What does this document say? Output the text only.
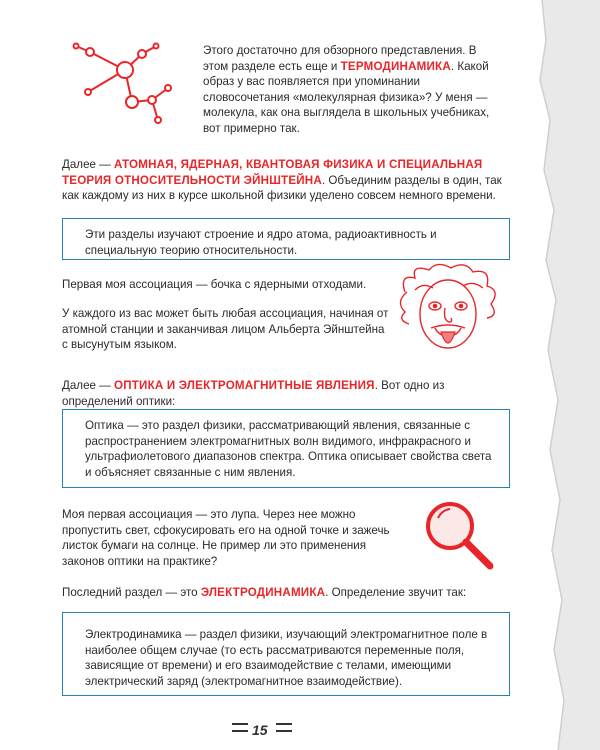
Этого достаточно для обзорного представления. В этом разделе есть еще и ТЕРМОДИНАМИКА. Какой образ у вас появляется при упоминании словосочетания «молекулярная физика»? У меня — молекула, как она выглядела в школьных учебниках, вот примерно так.
Далее — АТОМНАЯ, ЯДЕРНАЯ, КВАНТОВАЯ ФИЗИКА И СПЕЦИАЛЬНАЯ ТЕОРИЯ ОТНОСИТЕЛЬНОСТИ ЭЙНШТЕЙНА. Объединим разделы в один, так как каждому из них в курсе школьной физики уделено совсем немного времени.
Эти разделы изучают строение и ядро атома, радиоактивность и специальную теорию относительности.
Первая моя ассоциация — бочка с ядерными отходами.
У каждого из вас может быть любая ассоциация, начиная от атомной станции и заканчивая лицом Альберта Эйнштейна с высунутым языком.
Далее — ОПТИКА И ЭЛЕКТРОМАГНИТНЫЕ ЯВЛЕНИЯ. Вот одно из определений оптики:
Оптика — это раздел физики, рассматривающий явления, связанные с распространением электромагнитных волн видимого, инфракрасного и ультрафиолетового диапазонов спектра. Оптика описывает свойства света и объясняет связанные с ним явления.
Моя первая ассоциация — это лупа. Через нее можно пропустить свет, сфокусировать его на одной точке и зажечь листок бумаги на солнце. Не пример ли это применения законов оптики на практике?
Последний раздел — это ЭЛЕКТРОДИНАМИКА. Определение звучит так:
Электродинамика — раздел физики, изучающий электромагнитное поле в наиболее общем случае (то есть рассматриваются переменные поля, зависящие от времени) и его взаимодействие с телами, имеющими электрический заряд (электромагнитное взаимодействие).
15
